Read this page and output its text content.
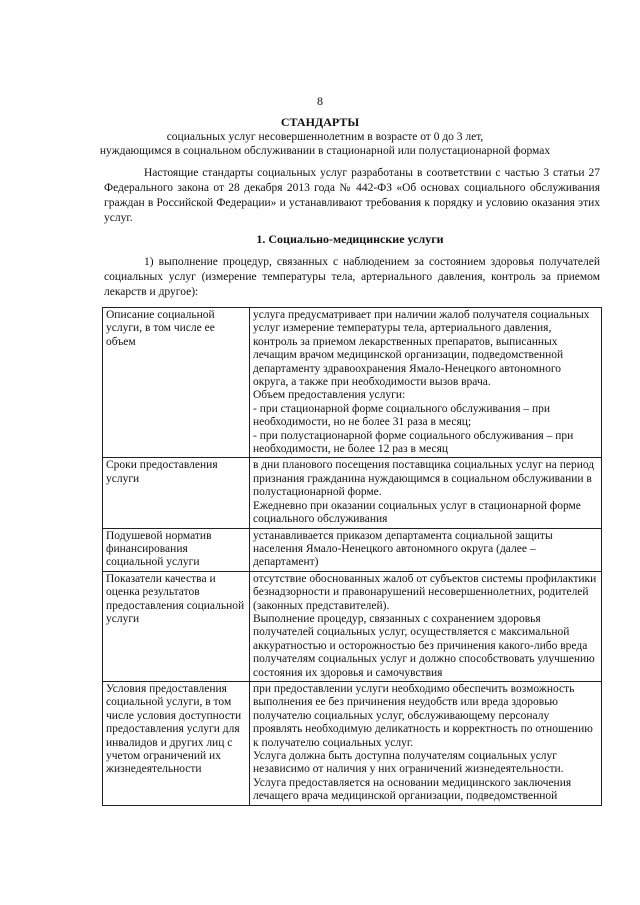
8
СТАНДАРТЫ
социальных услуг несовершеннолетним в возрасте от 0 до 3 лет,
нуждающимся в социальном обслуживании в стационарной или полустационарной формах
Настоящие стандарты социальных услуг разработаны в соответствии с частью 3 статьи 27 Федерального закона от 28 декабря 2013 года № 442-ФЗ «Об основах социального обслуживания граждан в Российской Федерации» и устанавливают требования к порядку и условию оказания этих услуг.
1. Социально-медицинские услуги
1) выполнение процедур, связанных с наблюдением за состоянием здоровья получателей социальных услуг (измерение температуры тела, артериального давления, контроль за приемом лекарств и другое):
Описание социальной услуги, в том числе ее объем	услуга предусматривает при наличии жалоб получателя социальных услуг измерение температуры тела, артериального давления, контроль за приемом лекарственных препаратов, выписанных лечащим врачом медицинской организации, подведомственной департаменту здравоохранения Ямало-Ненецкого автономного округа, а также при необходимости вызов врача.

Объем предоставления услуги:

- при стационарной форме социального обслуживания – при необходимости, но не более 31 раза в месяц;

- при полустационарной форме социального обслуживания – при необходимости, не более 12 раз в месяц

Сроки предоставления услуги	в дни планового посещения поставщика социальных услуг на период признания гражданина нуждающимся в социальном обслуживании в полустационарной форме.

Ежедневно при оказании социальных услуг в стационарной форме социального обслуживания

Подушевой норматив финансирования социальной услуги	устанавливается приказом департамента социальной защиты населения Ямало-Ненецкого автономного округа (далее – департамент)

Показатели качества и оценка результатов предоставления социальной услуги	отсутствие обоснованных жалоб от субъектов системы профилактики безнадзорности и правонарушений несовершеннолетних, родителей (законных представителей).

Выполнение процедур, связанных с сохранением здоровья получателей социальных услуг, осуществляется с максимальной аккуратностью и осторожностью без причинения какого-либо вреда получателям социальных услуг и должно способствовать улучшению состояния их здоровья и самочувствия

Условия предоставления социальной услуги, в том числе условия доступности предоставления услуги для инвалидов и других лиц с учетом ограничений их жизнедеятельности	при предоставлении услуги необходимо обеспечить возможность выполнения ее без причинения неудобств или вреда здоровью получателю социальных услуг, обслуживающему персоналу проявлять необходимую деликатность и корректность по отношению к получателю социальных услуг.

Услуга должна быть доступна получателям социальных услуг независимо от наличия у них ограничений жизнедеятельности.

Услуга предоставляется на основании медицинского заключения лечащего врача медицинской организации, подведомственной
